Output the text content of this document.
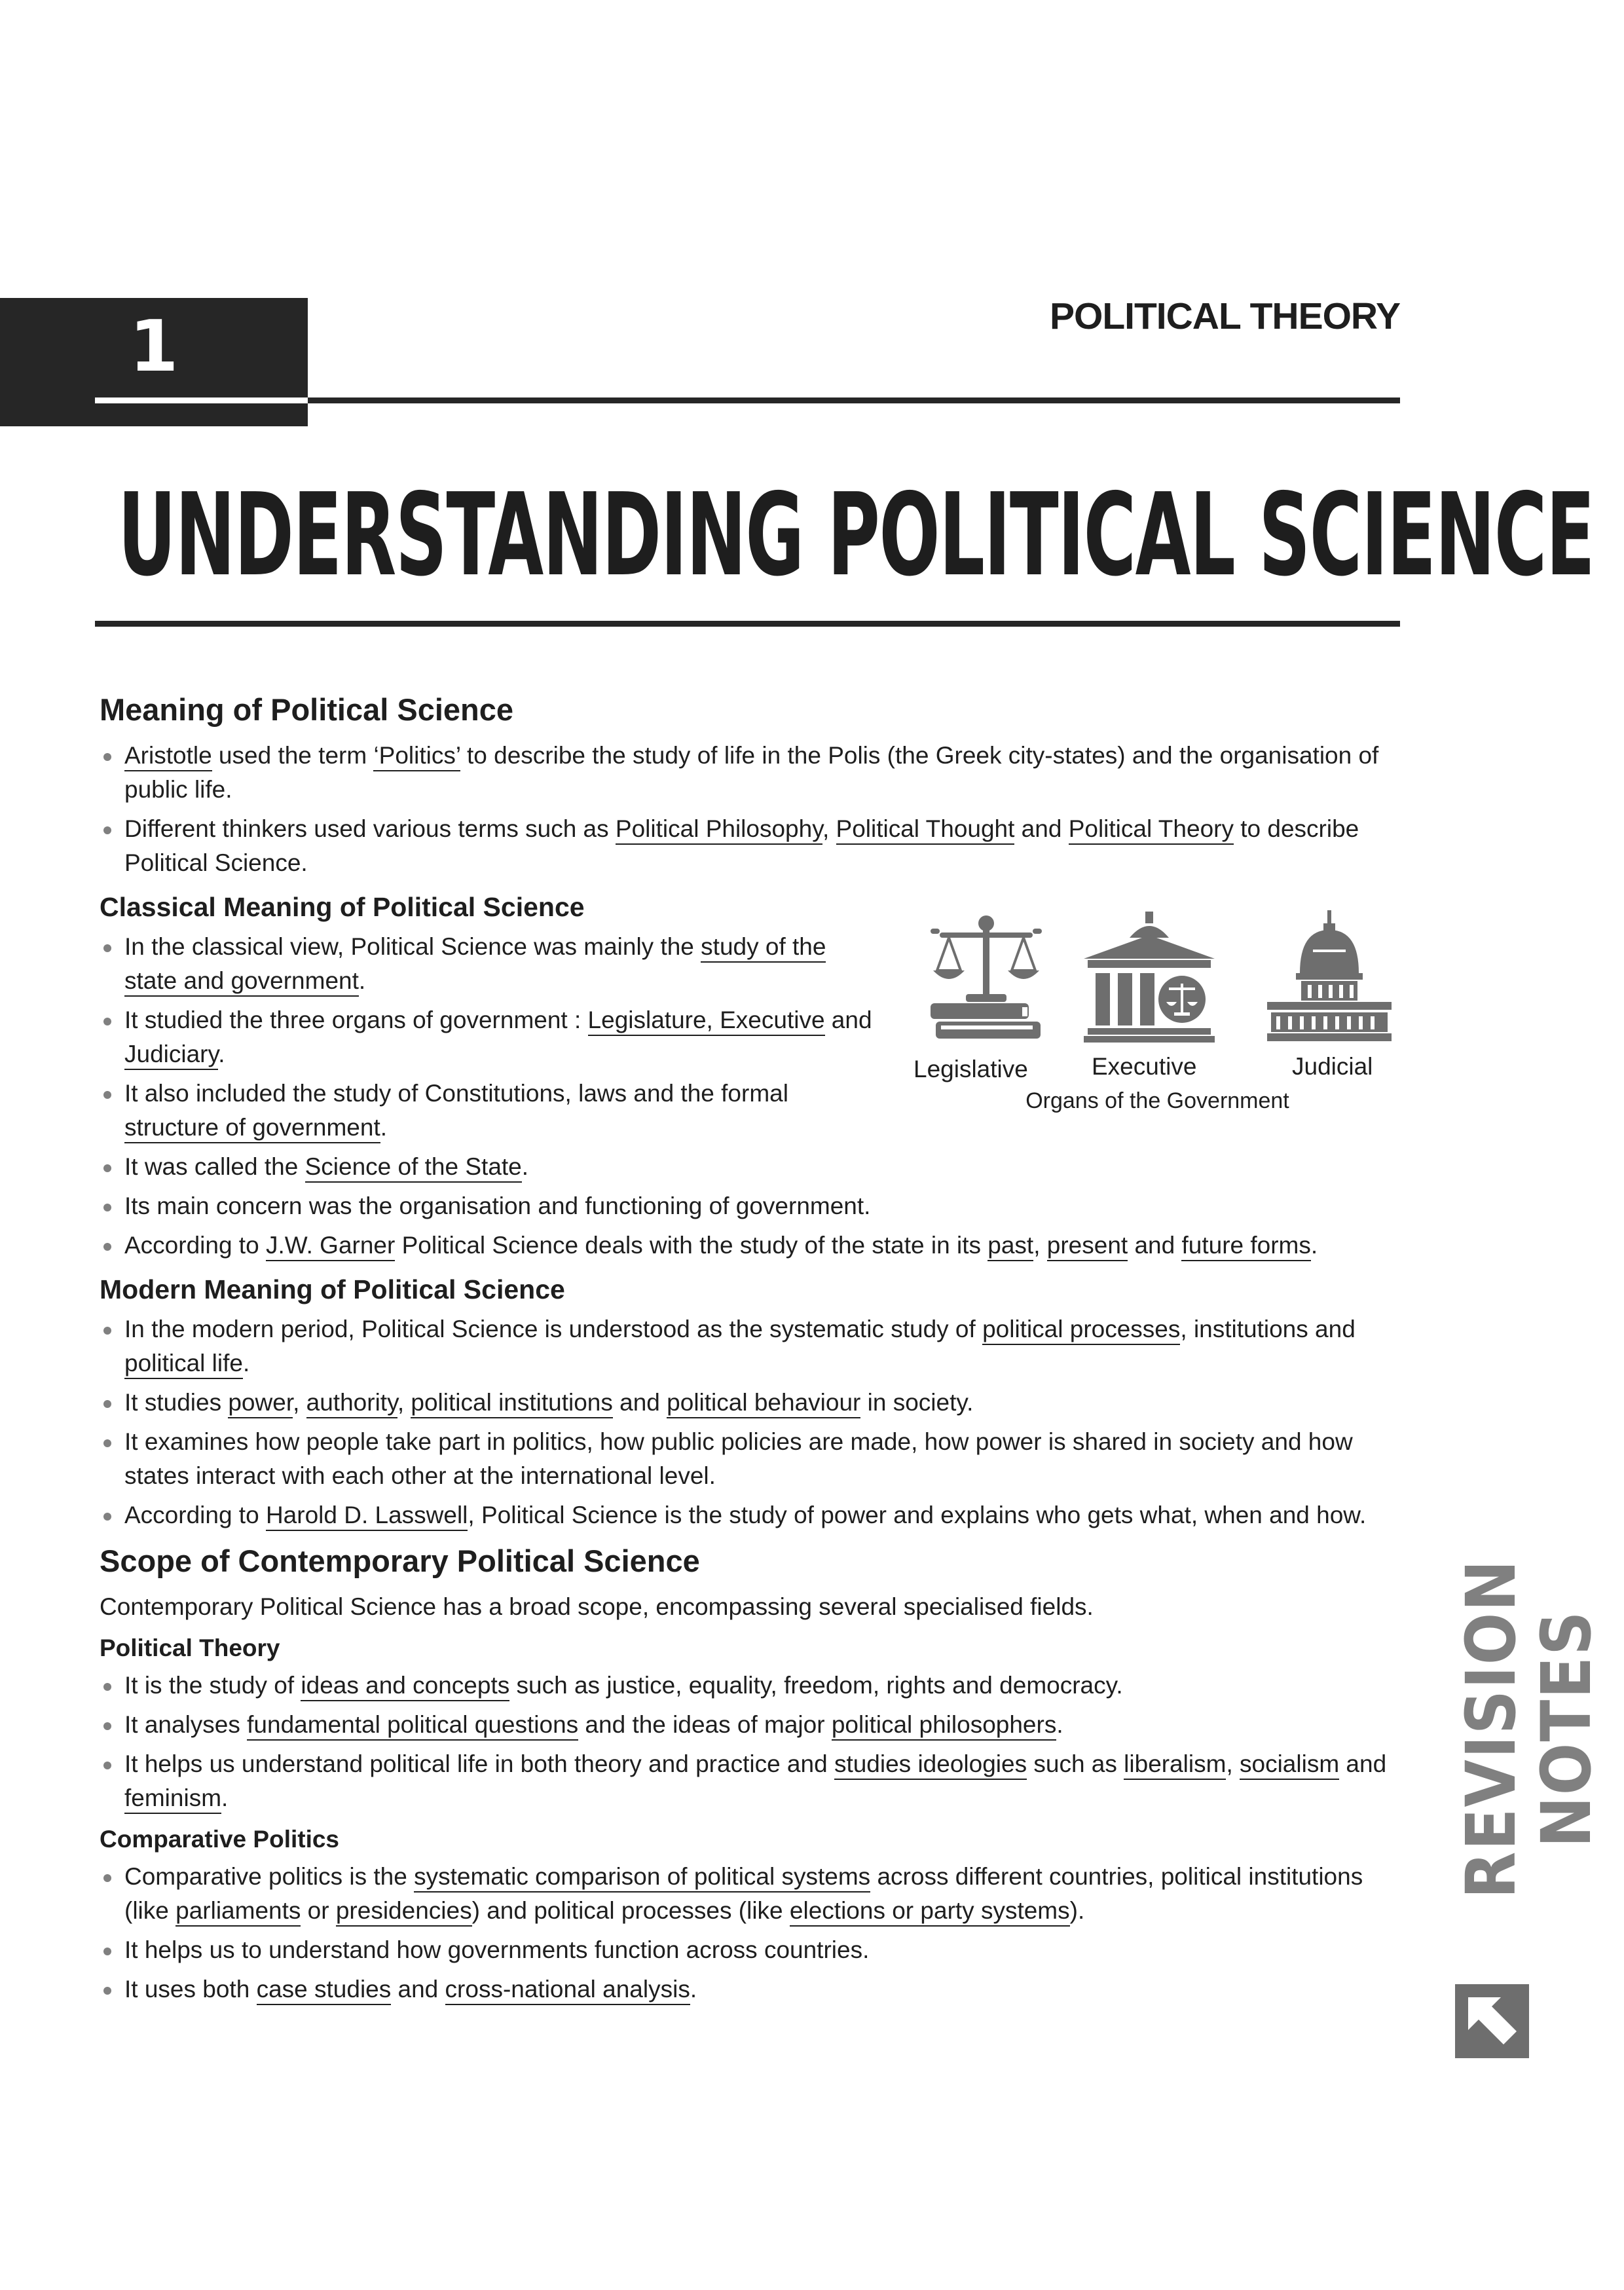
1	POLITICAL THEORY
UNDERSTANDING POLITICAL SCIENCE
Legislative	Executive	Judicial
Organs of the Government
Meaning of Political Science
Aristotle used the term ‘Politics’ to describe the study of life in the Polis (the Greek city-states) and the organisation of public life.
Different thinkers used various terms such as Political Philosophy, Political Thought and Political Theory to describe Political Science.
Classical Meaning of Political Science
In the classical view, Political Science was mainly the study of the state and government.
It studied the three organs of government : Legislature, Executive and Judiciary.
It also included the study of Constitutions, laws and the formal structure of government.
It was called the Science of the State.
Its main concern was the organisation and functioning of government.
According to J.W. Garner Political Science deals with the study of the state in its past, present and future forms.
Modern Meaning of Political Science
In the modern period, Political Science is understood as the systematic study of political processes, institutions and political life.
It studies power, authority, political institutions and political behaviour in society.
It examines how people take part in politics, how public policies are made, how power is shared in society and how states interact with each other at the international level.
According to Harold D. Lasswell, Political Science is the study of power and explains who gets what, when and how.
Scope of Contemporary Political Science

Contemporary Political Science has a broad scope, encompassing several specialised fields.

Political Theory
It is the study of ideas and concepts such as justice, equality, freedom, rights and democracy.
It analyses fundamental political questions and the ideas of major political philosophers.
It helps us understand political life in both theory and practice and studies ideologies such as liberalism, socialism and feminism.
Comparative Politics
Comparative politics is the systematic comparison of political systems across different countries, political institutions (like parliaments or presidencies) and political processes (like elections or party systems).
It helps us to understand how governments function across countries.
It uses both case studies and cross-national analysis.
REVISION NOTES
